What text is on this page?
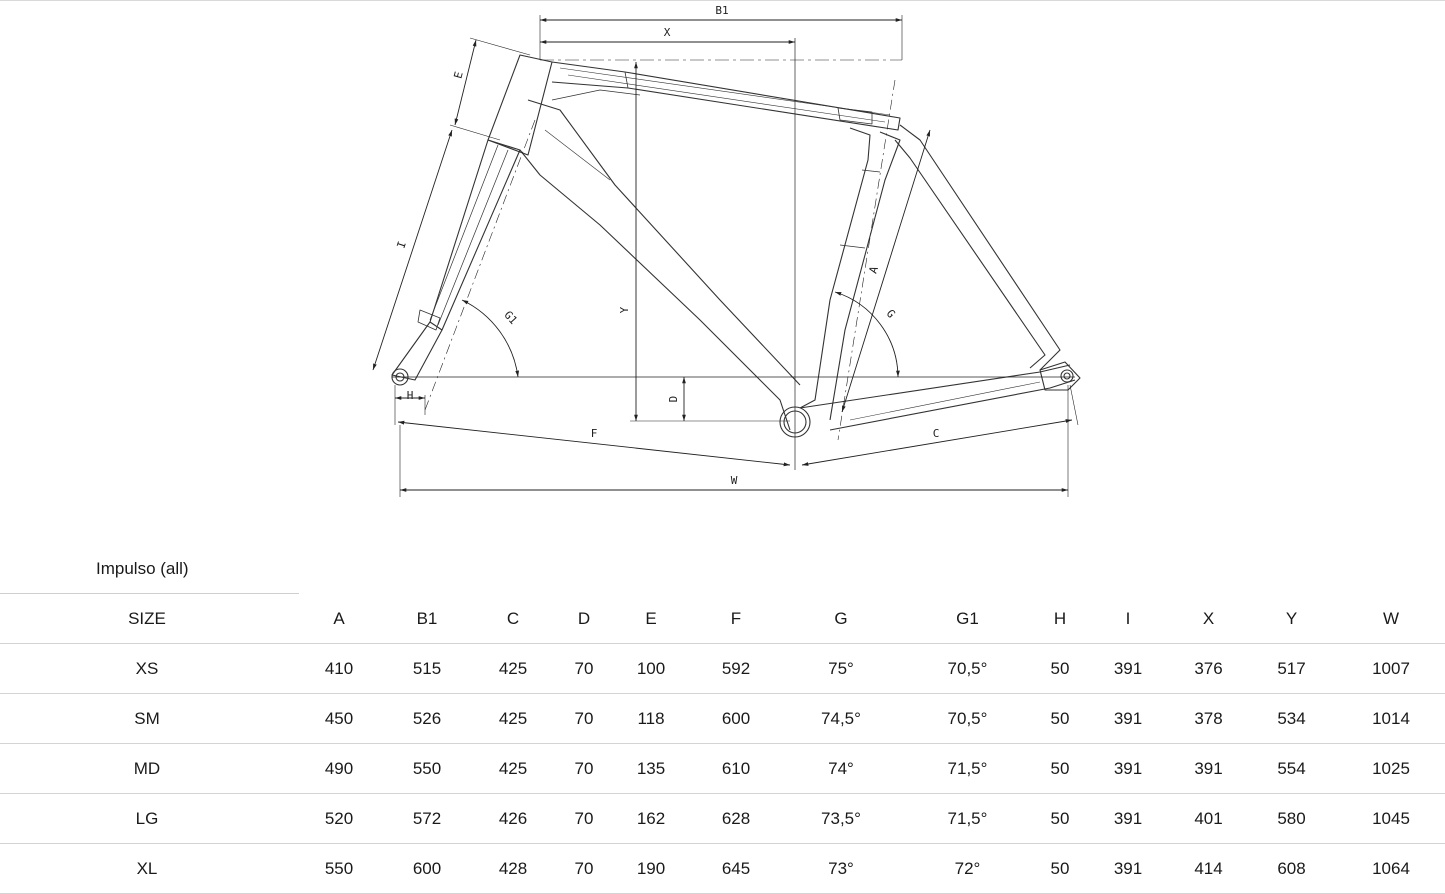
B1
X
E
I
G1
H
Y
D
F
A
G
C
W
Impulso (all)
SIZE	A	B1	C	D	E	F	G	G1	H	I	X	Y	W
XS	410	515	425	70	100	592	75°	70,5°	50	391	376	517	1007
SM	450	526	425	70	118	600	74,5°	70,5°	50	391	378	534	1014
MD	490	550	425	70	135	610	74°	71,5°	50	391	391	554	1025
LG	520	572	426	70	162	628	73,5°	71,5°	50	391	401	580	1045
XL	550	600	428	70	190	645	73°	72°	50	391	414	608	1064
